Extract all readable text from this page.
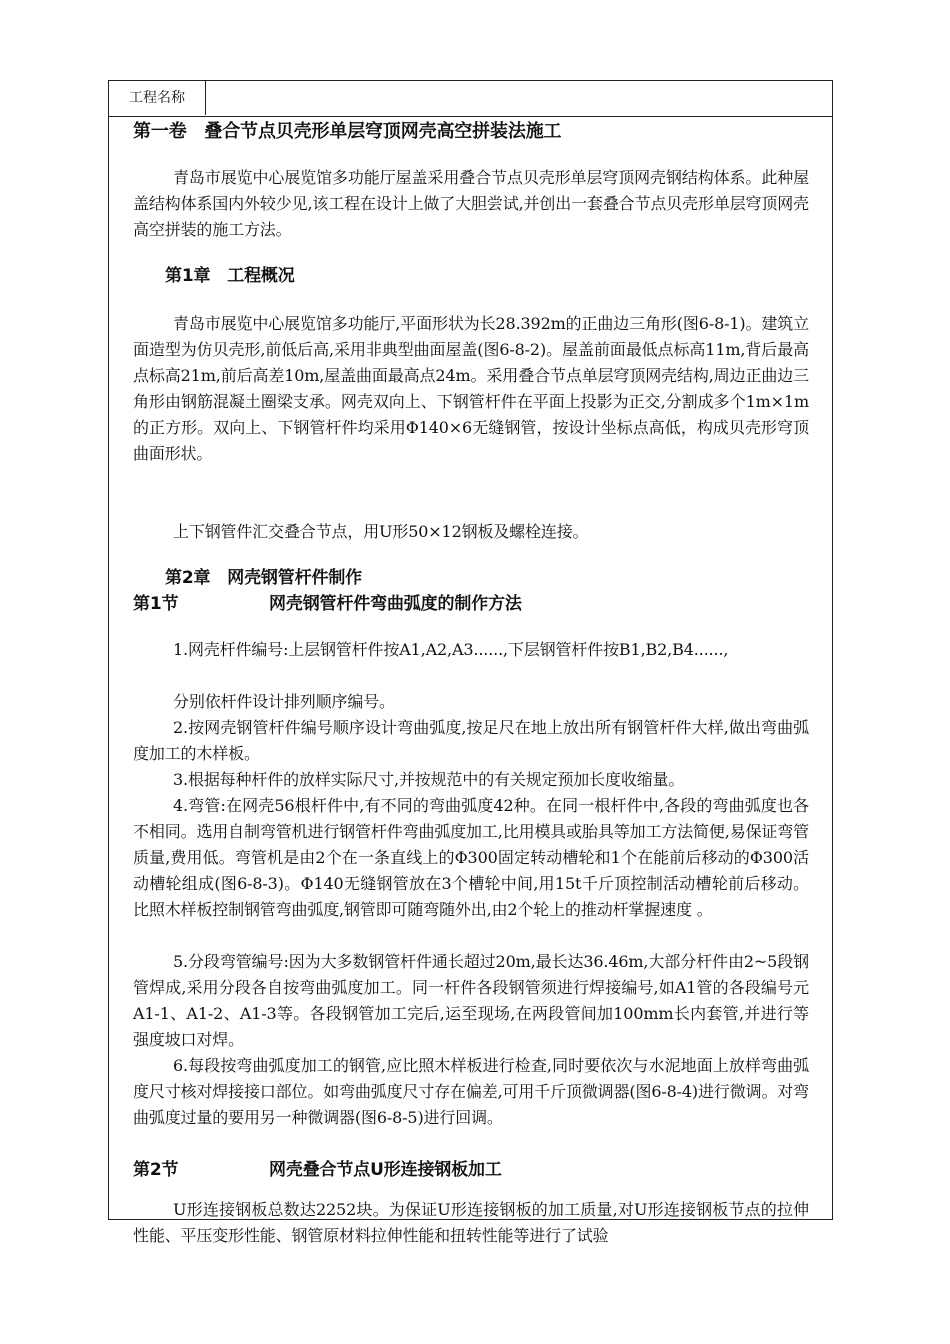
工程名称
第一卷　叠合节点贝壳形单层穹顶网壳高空拼装法施工
青岛市展览中心展览馆多功能厅屋盖采用叠合节点贝壳形单层穹顶网壳钢结构体系。此种屋盖结构体系国内外较少见,该工程在设计上做了大胆尝试,并创出一套叠合节点贝壳形单层穹顶网壳高空拼装的施工方法。
第1章　工程概况
青岛市展览中心展览馆多功能厅,平面形状为长28.392m的正曲边三角形(图6-8-1)。建筑立面造型为仿贝壳形,前低后高,采用非典型曲面屋盖(图6-8-2)。屋盖前面最低点标高11m,背后最高点标高21m,前后高差10m,屋盖曲面最高点24m。采用叠合节点单层穹顶网壳结构,周边正曲边三角形由钢筋混凝土圈梁支承。网壳双向上、下钢管杆件在平面上投影为正交,分割成多个1m×1m的正方形。双向上、下钢管杆件均采用Φ140×6无缝钢管，按设计坐标点高低，构成贝壳形穹顶曲面形状。
上下钢管件汇交叠合节点，用U形50×12钢板及螺栓连接。
第2章　网壳钢管杆件制作
第1节	网壳钢管杆件弯曲弧度的制作方法
1.网壳杆件编号:上层钢管杆件按A1,A2,A3......,下层钢管杆件按B1,B2,B4......,
分别依杆件设计排列顺序编号。
2.按网壳钢管杆件编号顺序设计弯曲弧度,按足尺在地上放出所有钢管杆件大样,做出弯曲弧度加工的木样板。
3.根据每种杆件的放样实际尺寸,并按规范中的有关规定预加长度收缩量。
4.弯管:在网壳56根杆件中,有不同的弯曲弧度42种。在同一根杆件中,各段的弯曲弧度也各不相同。选用自制弯管机进行钢管杆件弯曲弧度加工,比用模具或胎具等加工方法简便,易保证弯管质量,费用低。弯管机是由2个在一条直线上的Φ300固定转动槽轮和1个在能前后移动的Φ300活动槽轮组成(图6-8-3)。Φ140无缝钢管放在3个槽轮中间,用15t千斤顶控制活动槽轮前后移动。比照木样板控制钢管弯曲弧度,钢管即可随弯随外出,由2个轮上的推动杆掌握速度 。
5.分段弯管编号:因为大多数钢管杆件通长超过20m,最长达36.46m,大部分杆件由2~5段钢管焊成,采用分段各自按弯曲弧度加工。同一杆件各段钢管须进行焊接编号,如A1管的各段编号元A1-1、A1-2、A1-3等。各段钢管加工完后,运至现场,在两段管间加100mm长内套管,并进行等强度坡口对焊。
6.每段按弯曲弧度加工的钢管,应比照木样板进行检查,同时要依次与水泥地面上放样弯曲弧度尺寸核对焊接接口部位。如弯曲弧度尺寸存在偏差,可用千斤顶微调器(图6-8-4)进行微调。对弯曲弧度过量的要用另一种微调器(图6-8-5)进行回调。
第2节	网壳叠合节点U形连接钢板加工
U形连接钢板总数达2252块。为保证U形连接钢板的加工质量,对U形连接钢板节点的拉伸性能、平压变形性能、钢管原材料拉伸性能和扭转性能等进行了试验
